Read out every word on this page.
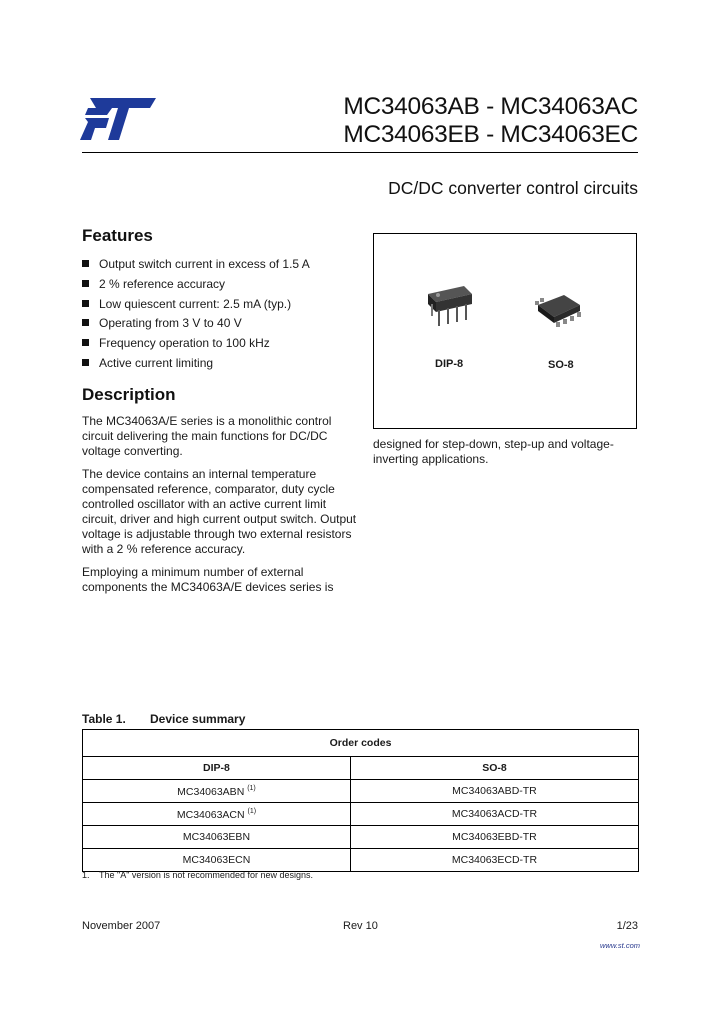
MC34063AB - MC34063AC
MC34063EB - MC34063EC
DC/DC converter control circuits
Features
Output switch current in excess of 1.5 A
2 % reference accuracy
Low quiescent current: 2.5 mA (typ.)
Operating from 3 V to 40 V
Frequency operation to 100 kHz
Active current limiting
Description

The MC34063A/E series is a monolithic control circuit delivering the main functions for DC/DC voltage converting.

The device contains an internal temperature compensated reference, comparator, duty cycle controlled oscillator with an active current limit circuit, driver and high current output switch. Output voltage is adjustable through two external resistors with a 2 % reference accuracy.

Employing a minimum number of external components the MC34063A/E devices series is

DIP-8	SO-8
designed for step-down, step-up and voltage-inverting applications.
Table 1. Device summary
Order codes	
DIP-8	SO-8
MC34063ABN $^{(1)}$	MC34063ABD-TR
MC34063ACN $^{(1)}$	MC34063ACD-TR
MC34063EBN	MC34063EBD-TR
MC34063ECN	MC34063ECD-TR
1. The "A" version is not recommended for new designs.
November 2007	Rev 10	1/23
www.st.com
